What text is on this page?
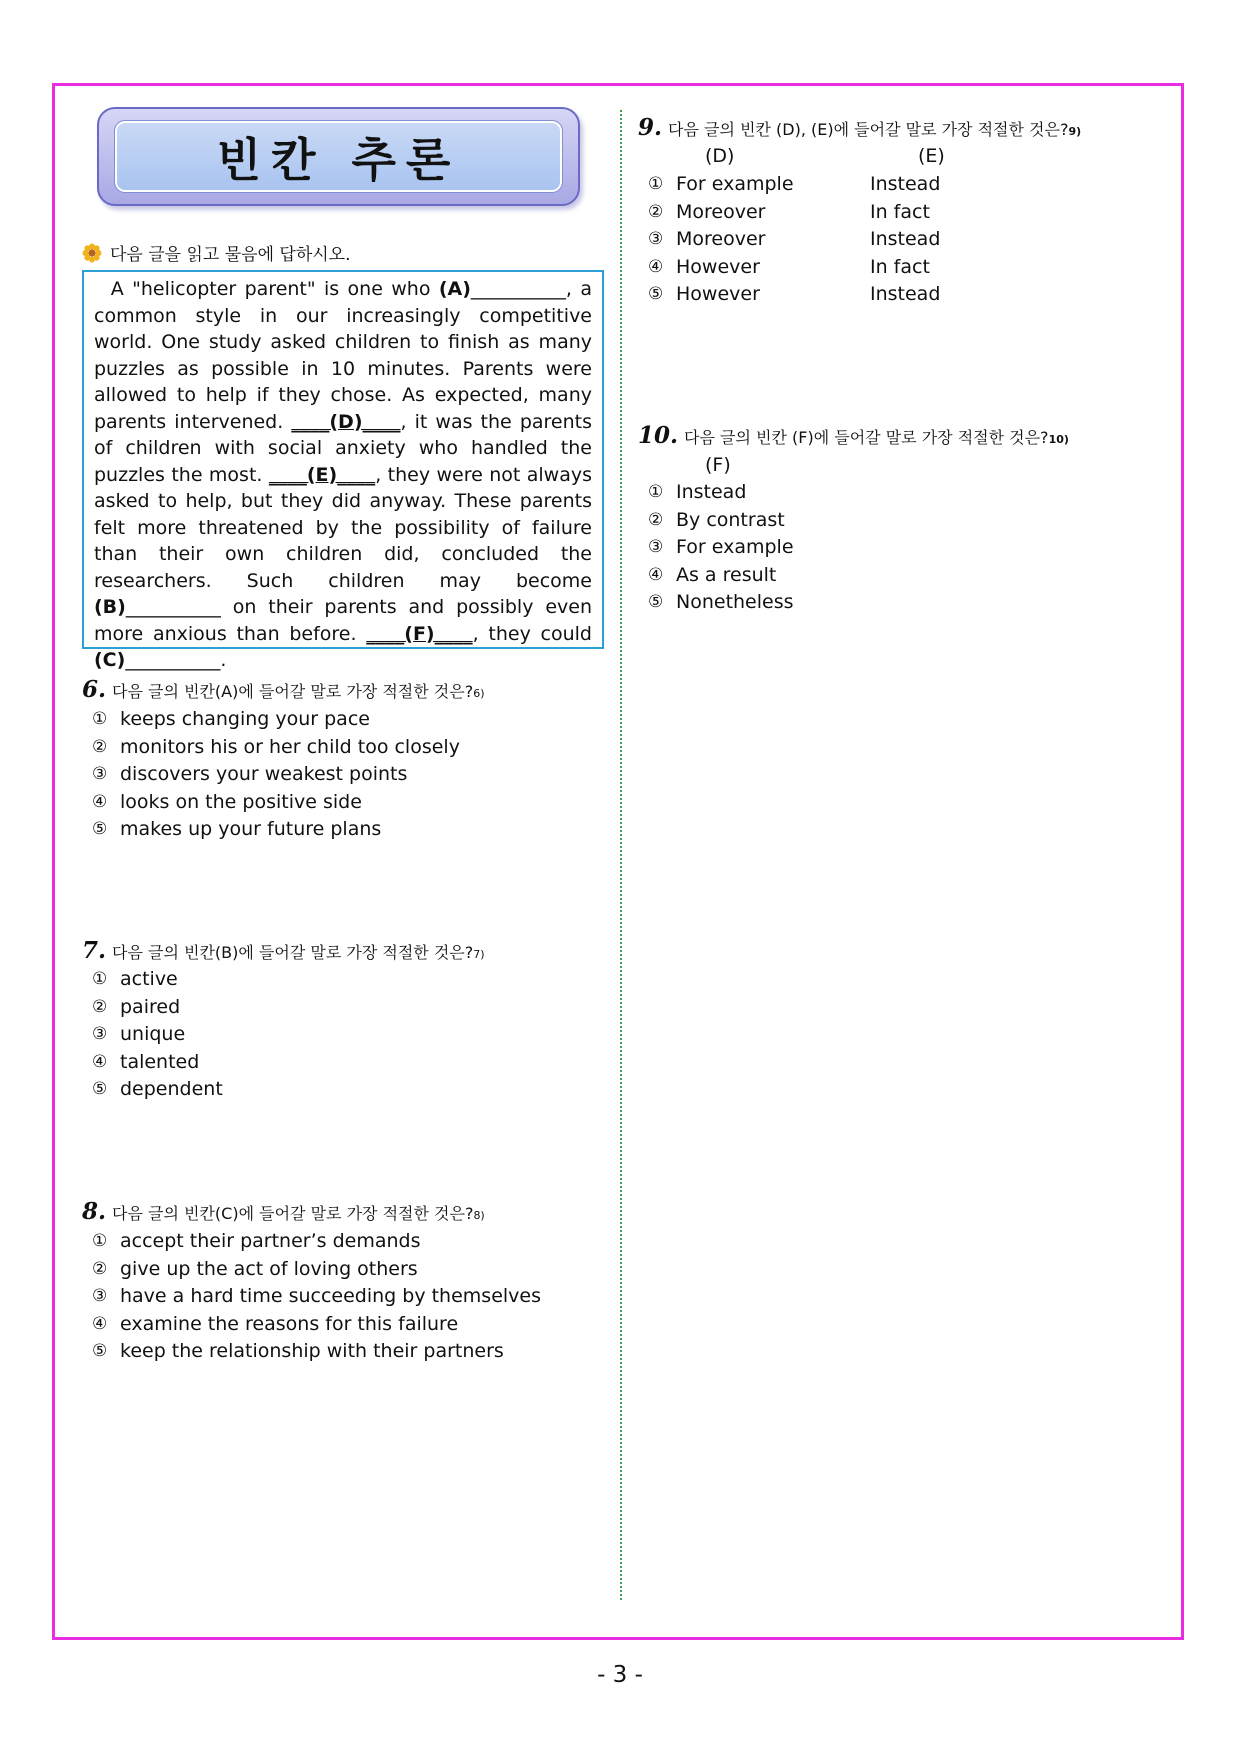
빈칸 추론
다음 글을 읽고 물음에 답하시오.
A "helicopter parent" is one who (A)__________, a common style in our increasingly competitive world. One study asked children to finish as many puzzles as possible in 10 minutes. Parents were allowed to help if they chose. As expected, many parents intervened. ____(D)____, it was the parents of children with social anxiety who handled the puzzles the most. ____(E)____, they were not always asked to help, but they did anyway. These parents felt more threatened by the possibility of failure than their own children did, concluded the researchers. Such children may become (B)__________ on their parents and possibly even more anxious than before. ____(F)____, they could (C)__________.
6. 다음 글의 빈칸(A)에 들어갈 말로 가장 적절한 것은? 6)
① keeps changing your pace
② monitors his or her child too closely
③ discovers your weakest points
④ looks on the positive side
⑤ makes up your future plans
7. 다음 글의 빈칸(B)에 들어갈 말로 가장 적절한 것은? 7)
① active
② paired
③ unique
④ talented
⑤ dependent
8. 다음 글의 빈칸(C)에 들어갈 말로 가장 적절한 것은? 8)
① accept their partner’s demands
② give up the act of loving others
③ have a hard time succeeding by themselves
④ examine the reasons for this failure
⑤ keep the relationship with their partners
9. 다음 글의 빈칸 (D), (E)에 들어갈 말로 가장 적절한 것은? 9)
(D)	(E)
① For example	Instead
② Moreover	In fact
③ Moreover	Instead
④ However	In fact
⑤ However	Instead
10. 다음 글의 빈칸 (F)에 들어갈 말로 가장 적절한 것은? 10)
(F)
① Instead
② By contrast
③ For example
④ As a result
⑤ Nonetheless
- 3 -
